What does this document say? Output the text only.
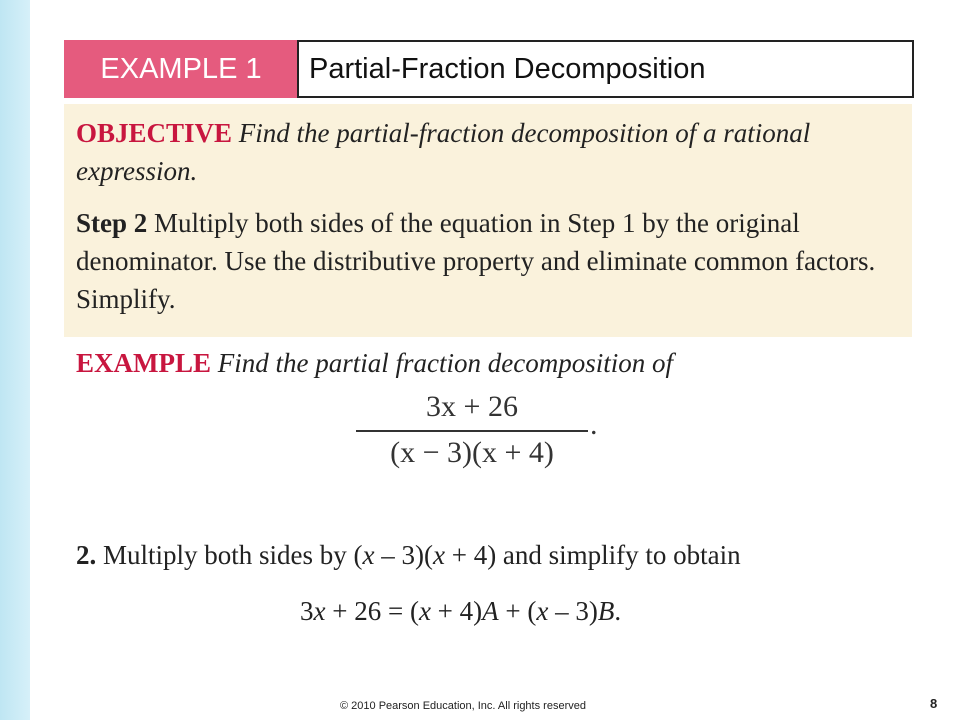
EXAMPLE 1 Partial-Fraction Decomposition

OBJECTIVE Find the partial-fraction decomposition of a rational expression.

Step 2 Multiply both sides of the equation in Step 1 by the original denominator. Use the distributive property and eliminate common factors. Simplify.

EXAMPLE Find the partial fraction decomposition of
3x + 26
(x − 3)(x + 4)
.
2. Multiply both sides by (x – 3)(x + 4) and simplify to obtain
3x + 26 = (x + 4)A + (x – 3)B.
© 2010 Pearson Education, Inc. All rights reserved	8
